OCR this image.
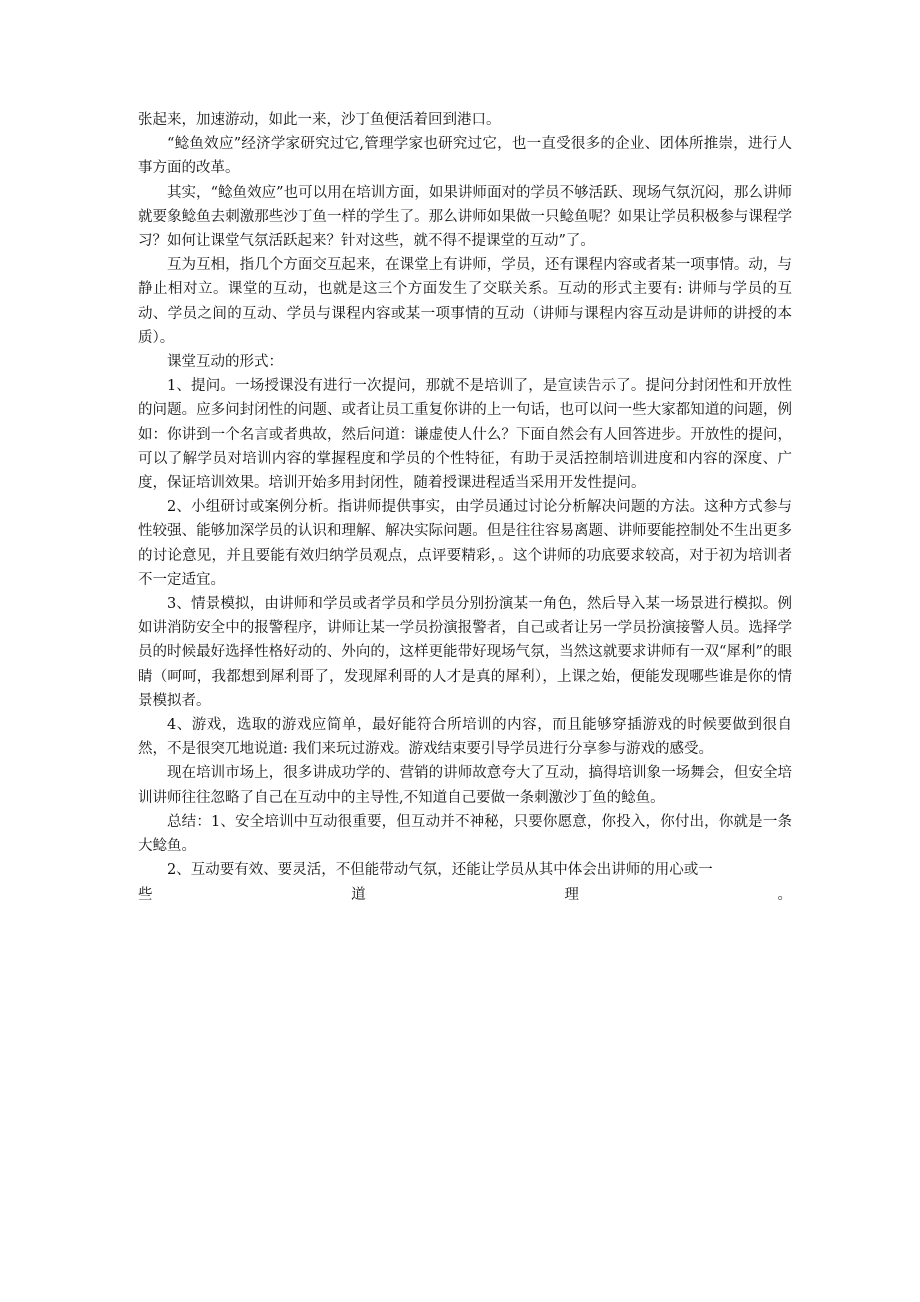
张起来，加速游动，如此一来，沙丁鱼便活着回到港口。

“鲶鱼效应”经济学家研究过它,管理学家也研究过它，也一直受很多的企业、团体所推崇，进行人事方面的改革。

其实，“鲶鱼效应”也可以用在培训方面，如果讲师面对的学员不够活跃、现场气氛沉闷，那么讲师就要象鲶鱼去刺激那些沙丁鱼一样的学生了。那么讲师如果做一只鲶鱼呢？如果让学员积极参与课程学习？如何让课堂气氛活跃起来？针对这些，就不得不提课堂的互动”了。

互为互相，指几个方面交互起来，在课堂上有讲师，学员，还有课程内容或者某一项事情。动，与静止相对立。课堂的互动，也就是这三个方面发生了交联关系。互动的形式主要有: 讲师与学员的互动、学员之间的互动、学员与课程内容或某一项事情的互动（讲师与课程内容互动是讲师的讲授的本质）。

课堂互动的形式：

1、提问。一场授课没有进行一次提问，那就不是培训了，是宣读告示了。提问分封闭性和开放性的问题。应多问封闭性的问题、或者让员工重复你讲的上一句话，也可以问一些大家都知道的问题，例如：你讲到一个名言或者典故，然后问道：谦虚使人什么？下面自然会有人回答进步。开放性的提问，可以了解学员对培训内容的掌握程度和学员的个性特征，有助于灵活控制培训进度和内容的深度、广度，保证培训效果。培训开始多用封闭性，随着授课进程适当采用开发性提问。

2、小组研讨或案例分析。指讲师提供事实，由学员通过讨论分析解决问题的方法。这种方式参与性较强、能够加深学员的认识和理解、解决实际问题。但是往往容易离题、讲师要能控制处不生出更多的讨论意见，并且要能有效归纳学员观点，点评要精彩，。这个讲师的功底要求较高，对于初为培训者不一定适宜。

3、情景模拟，由讲师和学员或者学员和学员分别扮演某一角色，然后导入某一场景进行模拟。例如讲消防安全中的报警程序，讲师让某一学员扮演报警者，自己或者让另一学员扮演接警人员。选择学员的时候最好选择性格好动的、外向的，这样更能带好现场气氛，当然这就要求讲师有一双“犀利”的眼睛（呵呵，我都想到犀利哥了，发现犀利哥的人才是真的犀利），上课之始，便能发现哪些谁是你的情景模拟者。

4、游戏，选取的游戏应简单，最好能符合所培训的内容，而且能够穿插游戏的时候要做到很自然，不是很突兀地说道: 我们来玩过游戏。游戏结束要引导学员进行分享参与游戏的感受。

现在培训市场上，很多讲成功学的、营销的讲师故意夸大了互动，搞得培训象一场舞会，但安全培训讲师往往忽略了自己在互动中的主导性,不知道自己要做一条刺激沙丁鱼的鲶鱼。

总结：1、安全培训中互动很重要，但互动并不神秘，只要你愿意，你投入，你付出，你就是一条大鲶鱼。

2、互动要有效、要灵活，不但能带动气氛，还能让学员从其中体会出讲师的用心或一

些	道	理	。
